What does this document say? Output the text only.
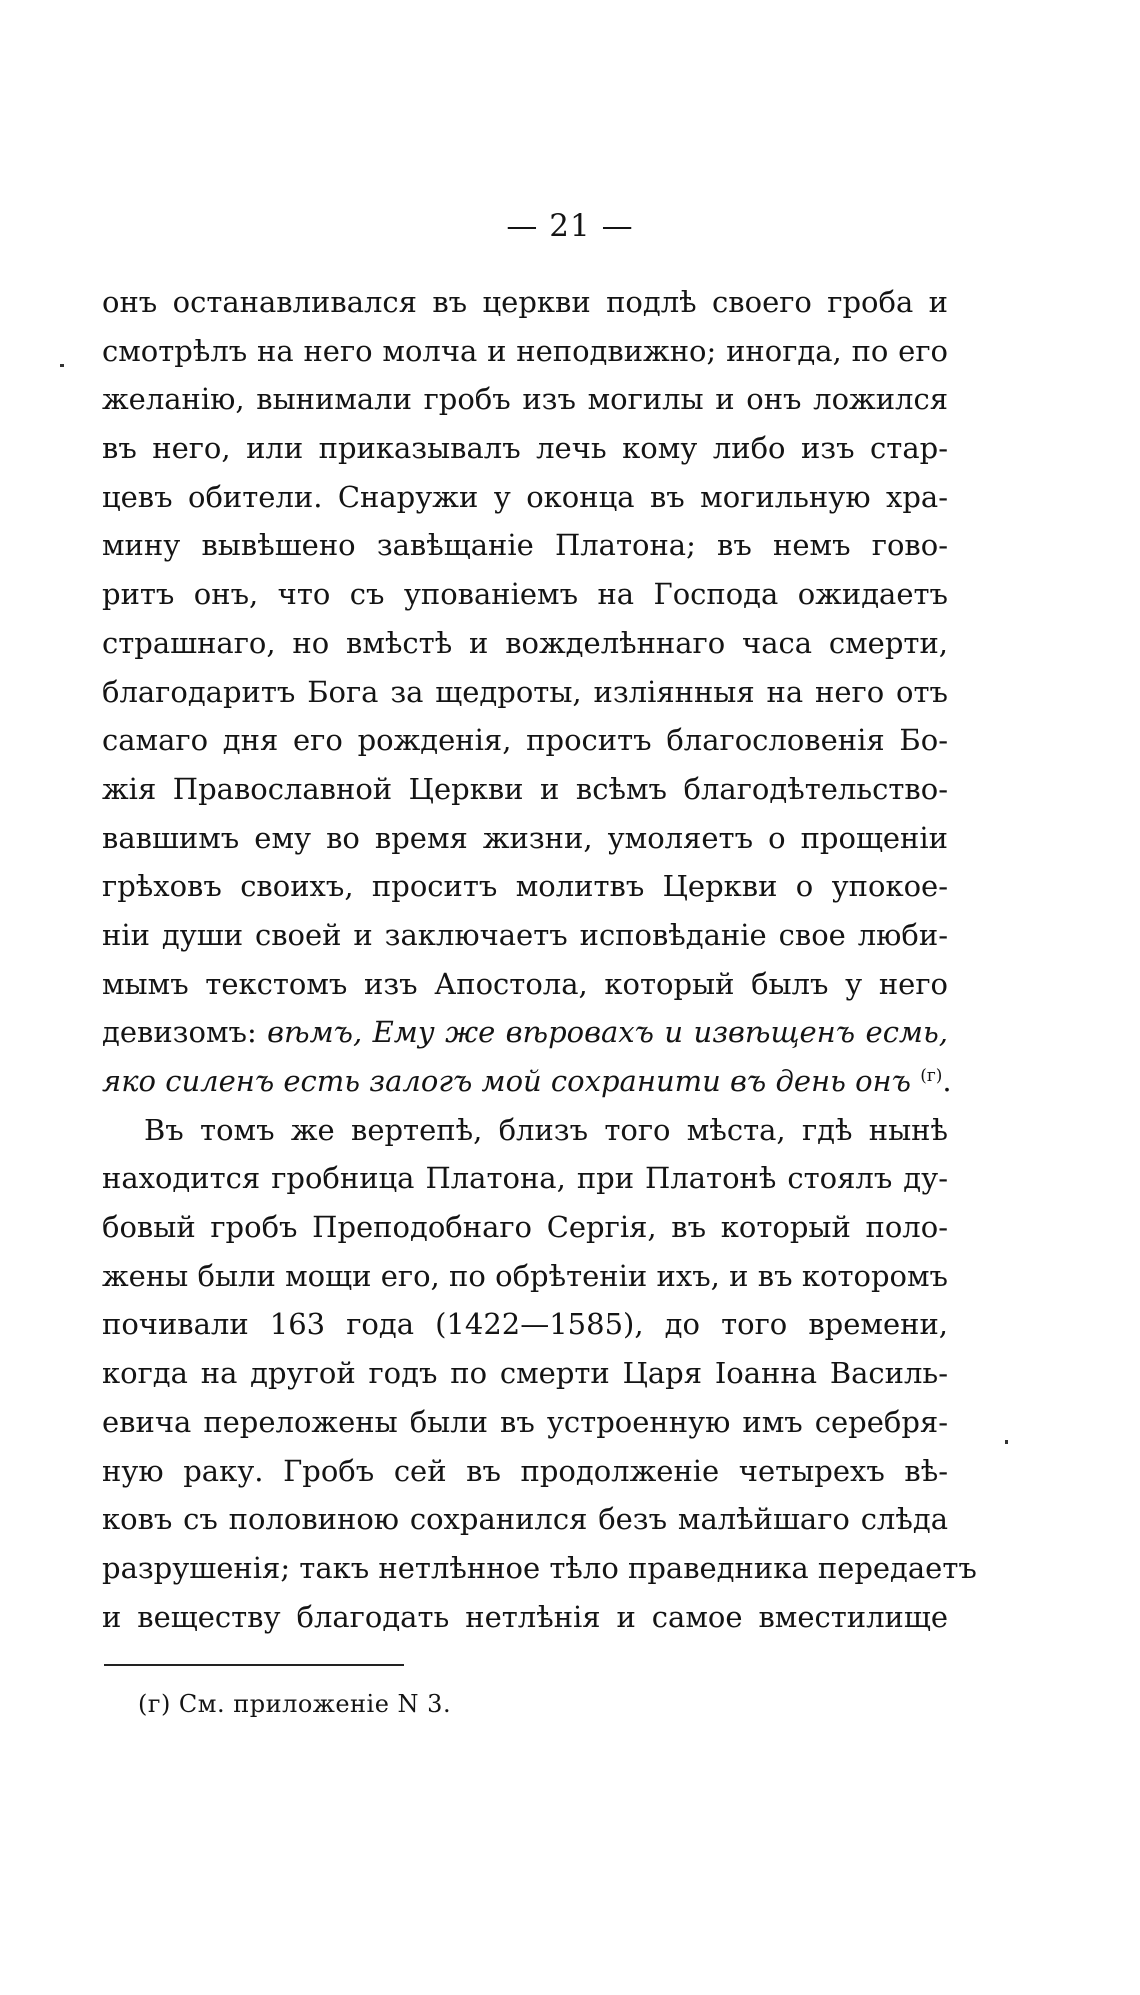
— 21 —
онъ останавливался въ церкви подлѣ своего гроба и
смотрѣлъ на него молча и неподвижно; иногда, по его
желанію, вынимали гробъ изъ могилы и онъ ложился
въ него, или приказывалъ лечь кому либо изъ стар-
цевъ обители. Снаружи у оконца въ могильную хра-
мину вывѣшено завѣщаніе Платона; въ немъ гово-
ритъ онъ, что съ упованіемъ на Господа ожидаетъ
страшнаго, но вмѣстѣ и вожделѣннаго часа смерти,
благодаритъ Бога за щедроты, изліянныя на него отъ
самаго дня его рожденія, проситъ благословенія Бо-
жія Православной Церкви и всѣмъ благодѣтельство-
вавшимъ ему во время жизни, умоляетъ о прощеніи
грѣховъ своихъ, проситъ молитвъ Церкви о упокое-
ніи души своей и заключаетъ исповѣданіе свое люби-
мымъ текстомъ изъ Апостола, который былъ у него
девизомъ: вѣмъ, Ему же вѣровахъ и извѣщенъ есмь,
яко силенъ есть залогъ мой сохранити въ день онъ $^{(г)}$.
Въ томъ же вертепѣ, близъ того мѣста, гдѣ нынѣ
находится гробница Платона, при Платонѣ стоялъ ду-
бовый гробъ Преподобнаго Сергія, въ который поло-
жены были мощи его, по обрѣтеніи ихъ, и въ которомъ
почивали 163 года (1422—1585), до того времени,
когда на другой годъ по смерти Царя Іоанна Василь-
евича переложены были въ устроенную имъ серебря-
ную раку. Гробъ сей въ продолженіе четырехъ вѣ-
ковъ съ половиною сохранился безъ малѣйшаго слѣда
разрушенія; такъ нетлѣнное тѣло праведника передаетъ
и веществу благодать нетлѣнія и самое вместилище
(г) См. приложеніе N 3.
